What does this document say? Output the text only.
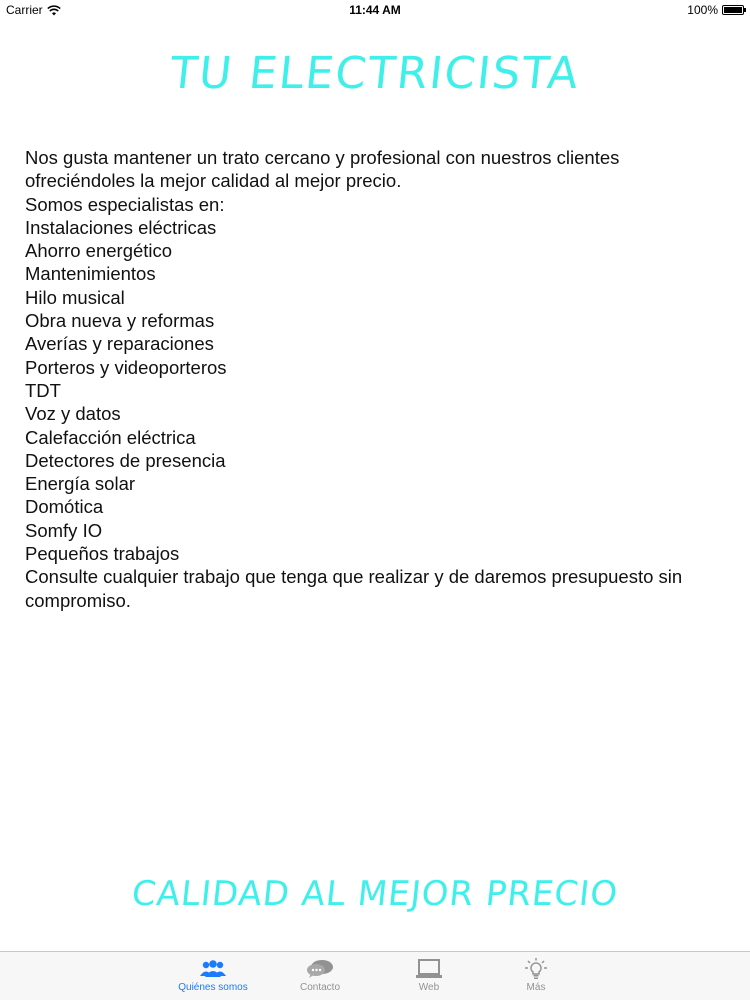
Carrier	11:44 AM	100%
TU ELECTRICISTA
Nos gusta mantener un trato cercano y profesional con nuestros clientes
ofreciéndoles la mejor calidad al mejor precio.
Somos especialistas en:
Instalaciones eléctricas
Ahorro energético
Mantenimientos
Hilo musical
Obra nueva y reformas
Averías y reparaciones
Porteros y videoporteros
TDT
Voz y datos
Calefacción eléctrica
Detectores de presencia
Energía solar
Domótica
Somfy IO
Pequeños trabajos
Consulte cualquier trabajo que tenga que realizar y de daremos presupuesto sin
compromiso.
CALIDAD AL MEJOR PRECIO
Quiénes somos	Contacto	Web	Más
